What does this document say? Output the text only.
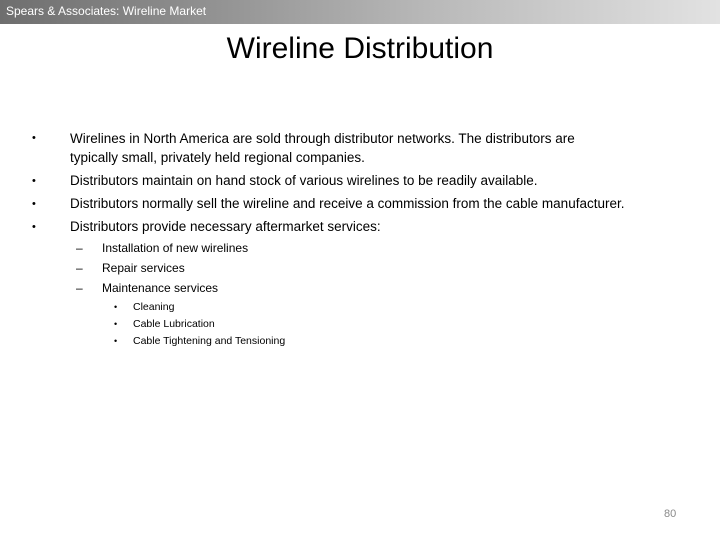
Spears & Associates: Wireline Market
Wireline Distribution
•	Wirelines in North America are sold through distributor networks. The distributors are
typically small, privately held regional companies.
•	Distributors maintain on hand stock of various wirelines to be readily available.
•	Distributors normally sell the wireline and receive a commission from the cable manufacturer.
•	Distributors provide necessary aftermarket services:
– Installation of new wirelines
– Repair services
– Maintenance services
• Cleaning
• Cable Lubrication
• Cable Tightening and Tensioning
80
